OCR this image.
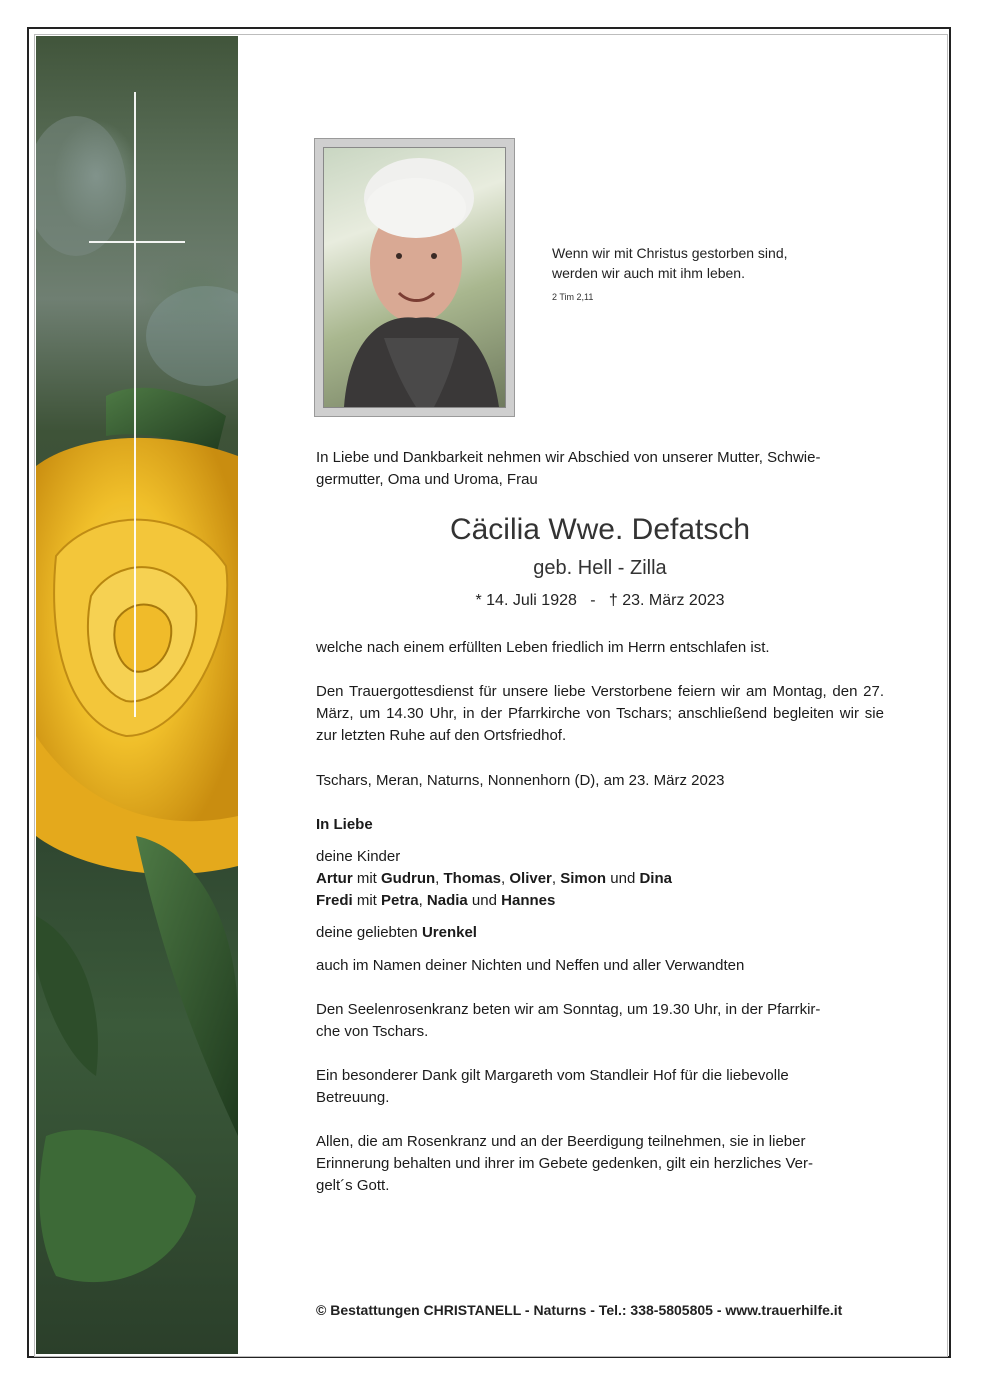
Wenn wir mit Christus gestorben sind,
werden wir auch mit ihm leben.
2 Tim 2,11
In Liebe und Dankbarkeit nehmen wir Abschied von unserer Mutter, Schwie-
germutter, Oma und Uroma, Frau
Cäcilia Wwe. Defatsch
geb. Hell - Zilla
* 14. Juli 1928   -   † 23. März 2023
welche nach einem erfüllten Leben friedlich im Herrn entschlafen ist.
Den Trauergottesdienst für unsere liebe Verstorbene feiern wir am Montag, den 27. März, um 14.30 Uhr, in der Pfarrkirche von Tschars; anschließend begleiten wir sie zur letzten Ruhe auf den Ortsfriedhof.
Tschars, Meran, Naturns, Nonnenhorn (D), am 23. März 2023
In Liebe
deine Kinder
Artur mit Gudrun, Thomas, Oliver, Simon und Dina
Fredi mit Petra, Nadia und Hannes
deine geliebten Urenkel
auch im Namen deiner Nichten und Neffen und aller Verwandten
Den Seelenrosenkranz beten wir am Sonntag, um 19.30 Uhr, in der Pfarrkir-
che von Tschars.
Ein besonderer Dank gilt Margareth vom Standleir Hof für die liebevolle
Betreuung.
Allen, die am Rosenkranz und an der Beerdigung teilnehmen, sie in lieber
Erinnerung behalten und ihrer im Gebete gedenken, gilt ein herzliches Ver-
gelt´s Gott.
© Bestattungen CHRISTANELL - Naturns - Tel.: 338-5805805 - www.trauerhilfe.it
